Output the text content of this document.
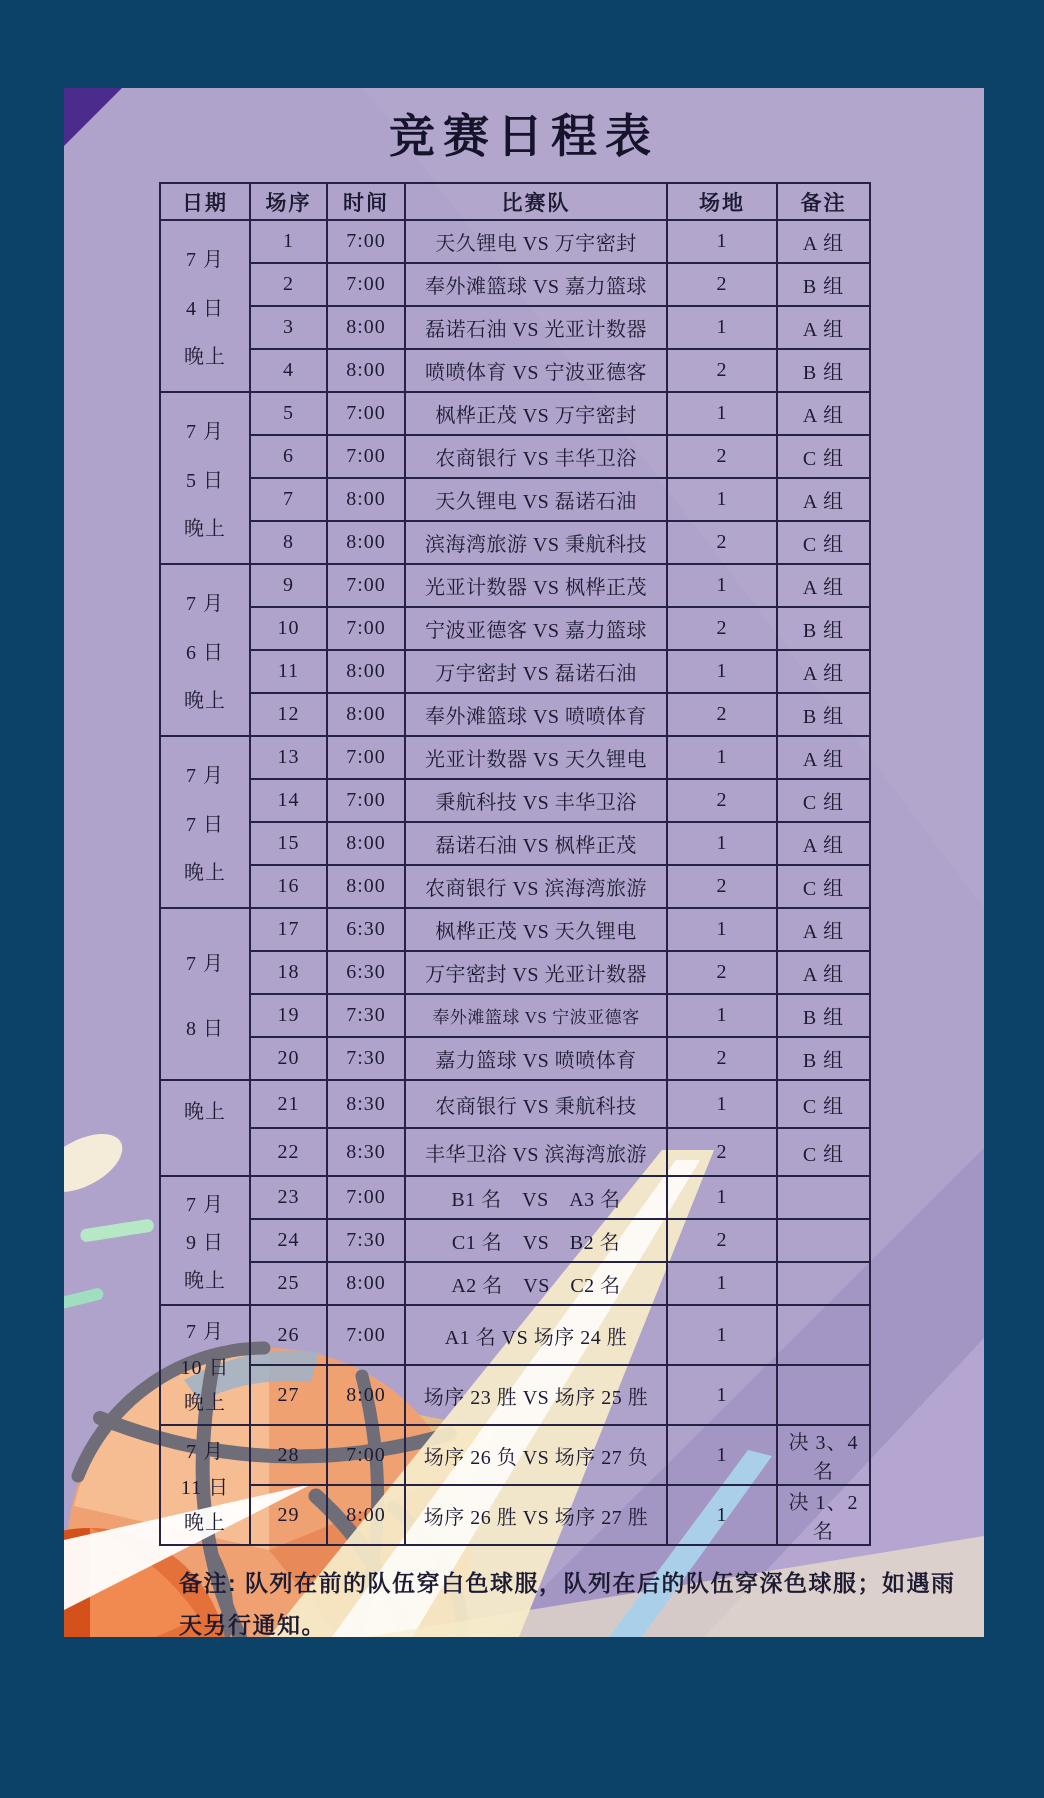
竞赛日程表
日期	场序	时间	比赛队	场地	备注

7 月
4 日
晚上	1	7:00	天久锂电 VS 万宇密封	1	A 组
	2	7:00	奉外滩篮球 VS 嘉力篮球	2	B 组
	3	8:00	磊诺石油 VS 光亚计数器	1	A 组
	4	8:00	喷喷体育 VS 宁波亚德客	2	B 组

7 月
5 日
晚上	5	7:00	枫桦正茂 VS 万宇密封	1	A 组
	6	7:00	农商银行 VS 丰华卫浴	2	C 组
	7	8:00	天久锂电 VS 磊诺石油	1	A 组
	8	8:00	滨海湾旅游 VS 秉航科技	2	C 组

7 月
6 日
晚上	9	7:00	光亚计数器 VS 枫桦正茂	1	A 组
	10	7:00	宁波亚德客 VS 嘉力篮球	2	B 组
	11	8:00	万宇密封 VS 磊诺石油	1	A 组
	12	8:00	奉外滩篮球 VS 喷喷体育	2	B 组

7 月
7 日
晚上	13	7:00	光亚计数器 VS 天久锂电	1	A 组
	14	7:00	秉航科技 VS 丰华卫浴	2	C 组
	15	8:00	磊诺石油 VS 枫桦正茂	1	A 组
	16	8:00	农商银行 VS 滨海湾旅游	2	C 组

7 月
8 日	17	6:30	枫桦正茂 VS 天久锂电	1	A 组
	18	6:30	万宇密封 VS 光亚计数器	2	A 组
	19	7:30	奉外滩篮球 VS 宁波亚德客	1	B 组
	20	7:30	嘉力篮球 VS 喷喷体育	2	B 组

晚上	21	8:30	农商银行 VS 秉航科技	1	C 组
	22	8:30	丰华卫浴 VS 滨海湾旅游	2	C 组

7 月
9 日
晚上	23	7:00	B1 名　VS　A3 名	1	
	24	7:30	C1 名　VS　B2 名	2	
	25	8:00	A2 名　VS　C2 名	1	

7 月
10 日
晚上	26	7:00	A1 名 VS 场序 24 胜	1	
	27	8:00	场序 23 胜 VS 场序 25 胜	1	

7 月
11 日
晚上	28	7:00	场序 26 负 VS 场序 27 负	1	决 3、4 名
	29	8:00	场序 26 胜 VS 场序 27 胜	1	决 1、2 名

备注: 队列在前的队伍穿白色球服，队列在后的队伍穿深色球服；如遇雨天另行通知。
